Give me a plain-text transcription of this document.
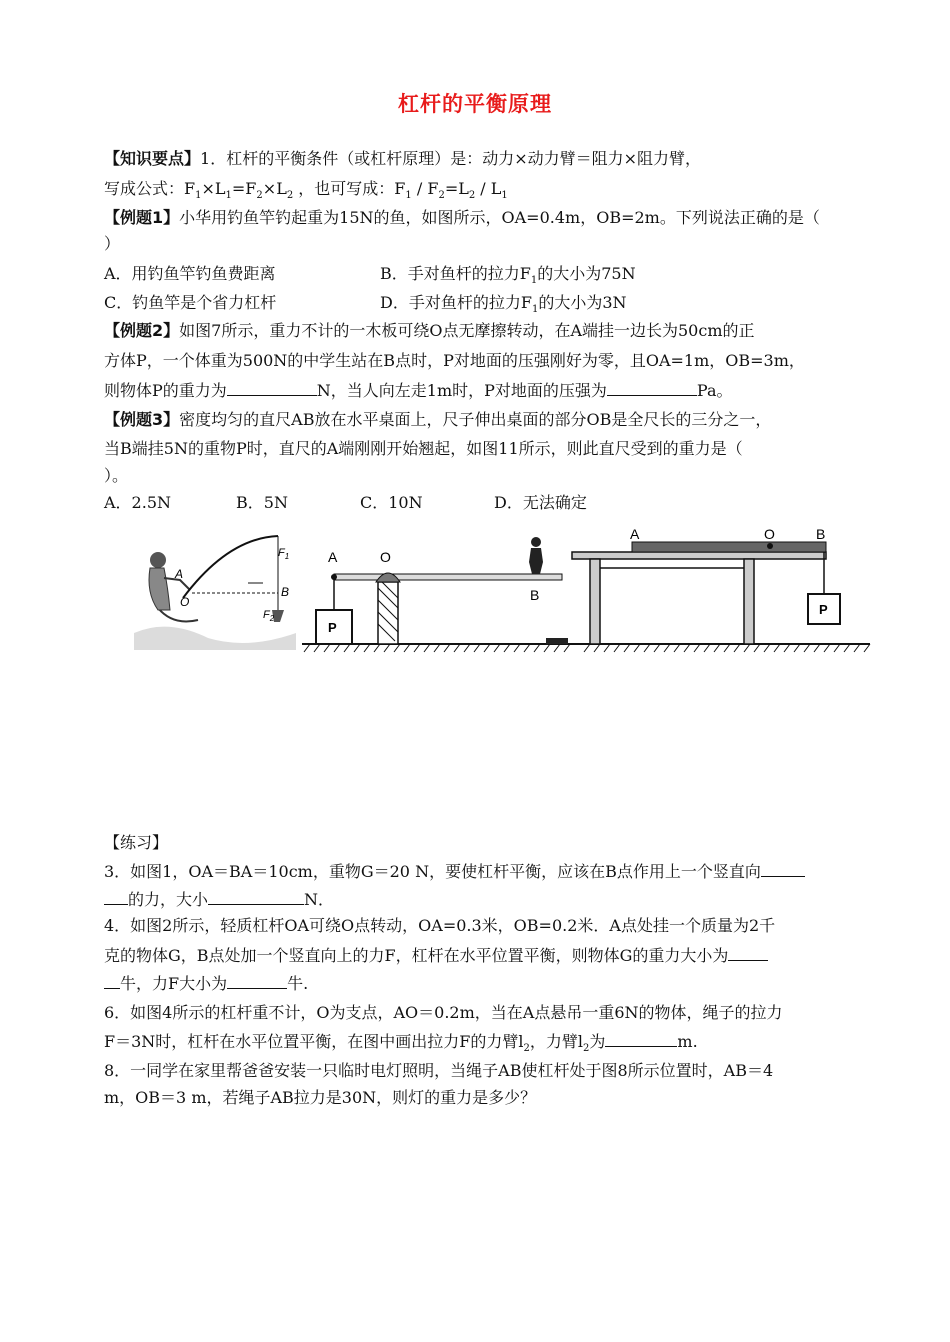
杠杆的平衡原理
【知识要点】1．杠杆的平衡条件（或杠杆原理）是：动力×动力臂＝阻力×阻力臂，
写成公式：$F_1\times L_1=F_2\times L_2$ ，也可写成：$F_1 / F_2=L_2 / L_1$
【例题1】小华用钓鱼竿钓起重为15N的鱼，如图所示，OA=0.4m，OB=2m。下列说法正确的是（
）
A．用钓鱼竿钓鱼费距离	B．手对鱼杆的拉力$F_1$的大小为75N
C．钓鱼竿是个省力杠杆	D．手对鱼杆的拉力$F_1$的大小为3N
【例题2】如图7所示，重力不计的一木板可绕O点无摩擦转动，在A端挂一边长为50cm的正
方体P，一个体重为500N的中学生站在B点时，P对地面的压强刚好为零，且OA=1m，OB=3m，
则物体P的重力为	N，当人向左走1m时，P对地面的压强为	Pa。
【例题3】密度均匀的直尺AB放在水平桌面上，尺子伸出桌面的部分OB是全尺长的三分之一，
当B端挂5N的重物P时，直尺的A端刚刚开始翘起，如图11所示，则此直尺受到的重力是（
）。
A．2.5N	B．5N	C．10N	D．无法确定
$F_1$
$F_2$
A
O
B
P
A	O
B
P
A	O	B
【练习】
3．如图1，OA＝BA＝10cm，重物G＝20 N，要使杠杆平衡，应该在B点作用上一个竖直向
的力，大小	N．
4．如图2所示，轻质杠杆OA可绕O点转动，OA=0.3米，OB=0.2米．A点处挂一个质量为2千
克的物体G，B点处加一个竖直向上的力F，杠杆在水平位置平衡，则物体G的重力大小为
牛，力F大小为	牛.
6．如图4所示的杠杆重不计，O为支点，AO＝0.2m，当在A点悬吊一重6N的物体，绳子的拉力
F＝3N时，杠杆在水平位置平衡，在图中画出拉力F的力臂$l_2$，力臂$l_2$为	m.
8．一同学在家里帮爸爸安装一只临时电灯照明，当绳子AB使杠杆处于图8所示位置时，AB＝4
m，OB＝3 m，若绳子AB拉力是30N，则灯的重力是多少？
